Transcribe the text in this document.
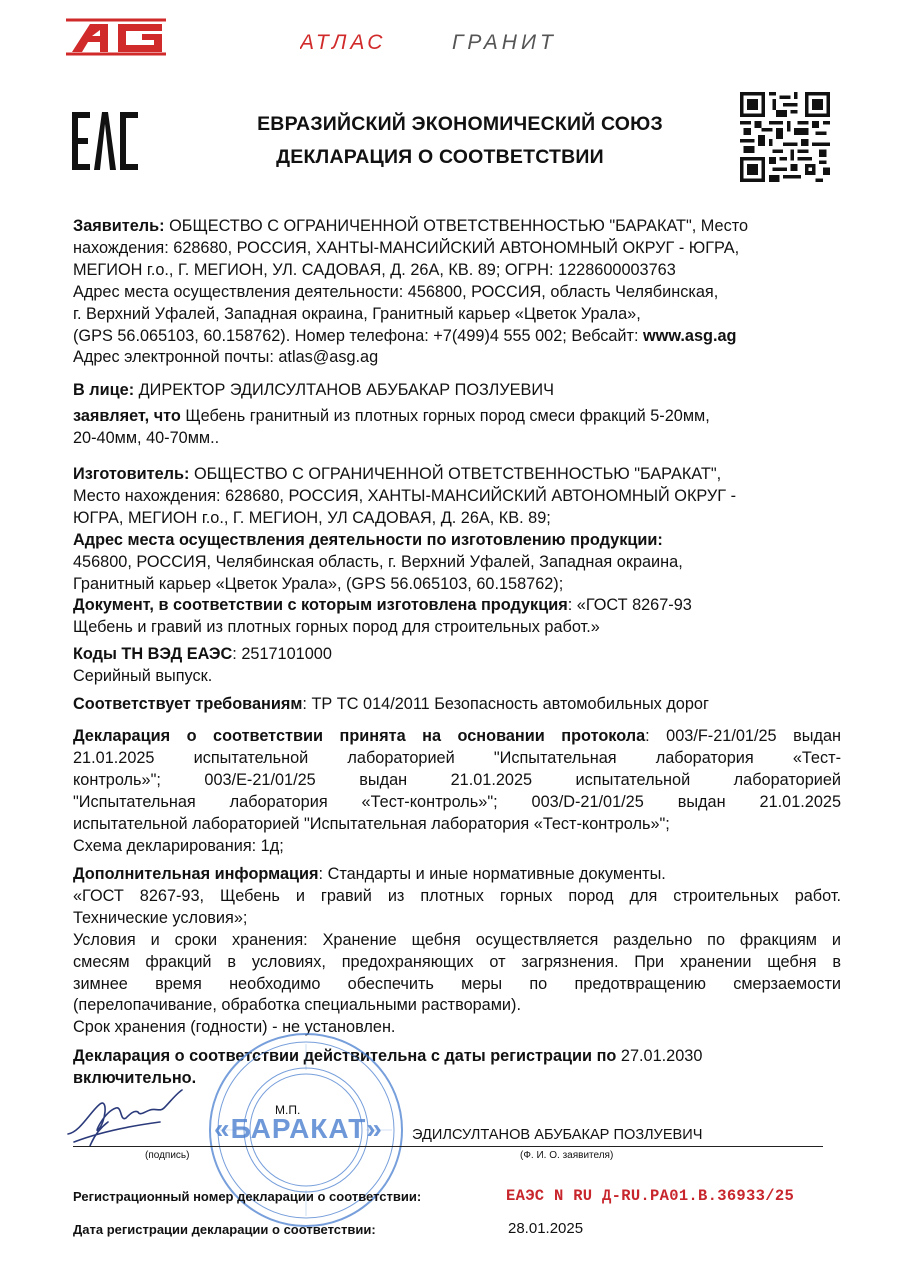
АТЛАС	ГРАНИТ
ЕВРАЗИЙСКИЙ ЭКОНОМИЧЕСКИЙ СОЮЗ
ДЕКЛАРАЦИЯ О СООТВЕТСТВИИ
Заявитель: ОБЩЕСТВО С ОГРАНИЧЕННОЙ ОТВЕТСТВЕННОСТЬЮ "БАРАКАТ", Место
нахождения: 628680, РОССИЯ, ХАНТЫ-МАНСИЙСКИЙ АВТОНОМНЫЙ ОКРУГ - ЮГРА,
МЕГИОН г.о., Г. МЕГИОН, УЛ. САДОВАЯ, Д. 26А, КВ. 89; ОГРН: 1228600003763
Адрес места осуществления деятельности: 456800, РОССИЯ, область Челябинская,
г. Верхний Уфалей, Западная окраина, Гранитный карьер «Цветок Урала»,
(GPS 56.065103, 60.158762). Номер телефона: +7(499)4 555 002; Вебсайт: www.asg.ag
Адрес электронной почты: atlas@asg.ag
В лице: ДИРЕКТОР ЭДИЛСУЛТАНОВ АБУБАКАР ПОЗЛУЕВИЧ
заявляет, что Щебень гранитный из плотных горных пород смеси фракций 5-20мм,
20-40мм, 40-70мм..
Изготовитель: ОБЩЕСТВО С ОГРАНИЧЕННОЙ ОТВЕТСТВЕННОСТЬЮ "БАРАКАТ",
Место нахождения: 628680, РОССИЯ, ХАНТЫ-МАНСИЙСКИЙ АВТОНОМНЫЙ ОКРУГ -
ЮГРА, МЕГИОН г.о., Г. МЕГИОН, УЛ САДОВАЯ, Д. 26А, КВ. 89;
Адрес места осуществления деятельности по изготовлению продукции:
456800, РОССИЯ, Челябинская область, г. Верхний Уфалей, Западная окраина,
Гранитный карьер «Цветок Урала», (GPS 56.065103, 60.158762);
Документ, в соответствии с которым изготовлена продукция: «ГОСТ 8267-93
Щебень и гравий из плотных горных пород для строительных работ.»
Коды ТН ВЭД ЕАЭС: 2517101000
Серийный выпуск.
Соответствует требованиям: ТР ТС 014/2011 Безопасность автомобильных дорог
Декларация о соответствии принята на основании протокола: 003/F-21/01/25 выдан
21.01.2025 испытательной лабораторией "Испытательная лаборатория «Тест-
контроль»"; 003/E-21/01/25 выдан 21.01.2025 испытательной лабораторией
"Испытательная лаборатория «Тест-контроль»"; 003/D-21/01/25 выдан 21.01.2025
испытательной лабораторией "Испытательная лаборатория «Тест-контроль»";
Схема декларирования: 1д;
Дополнительная информация: Стандарты и иные нормативные документы.
«ГОСТ 8267-93, Щебень и гравий из плотных горных пород для строительных работ.
Технические условия»;
Условия и сроки хранения: Хранение щебня осуществляется раздельно по фракциям и
смесям фракций в условиях, предохраняющих от загрязнения. При хранении щебня в
зимнее время необходимо обеспечить меры по предотвращению смерзаемости
(перелопачивание, обработка специальными растворами).
Срок хранения (годности) - не установлен.
Декларация о соответствии действительна с даты регистрации по 27.01.2030
включительно.
М.П.
«БАРАКАТ» ЭДИЛСУЛТАНОВ АБУБАКАР ПОЗЛУЕВИЧ
(подпись)	(Ф. И. О. заявителя)
Регистрационный номер декларации о соответствии:	ЕАЭС N RU Д-RU.PA01.B.36933/25
Дата регистрации декларации о соответствии:	28.01.2025
